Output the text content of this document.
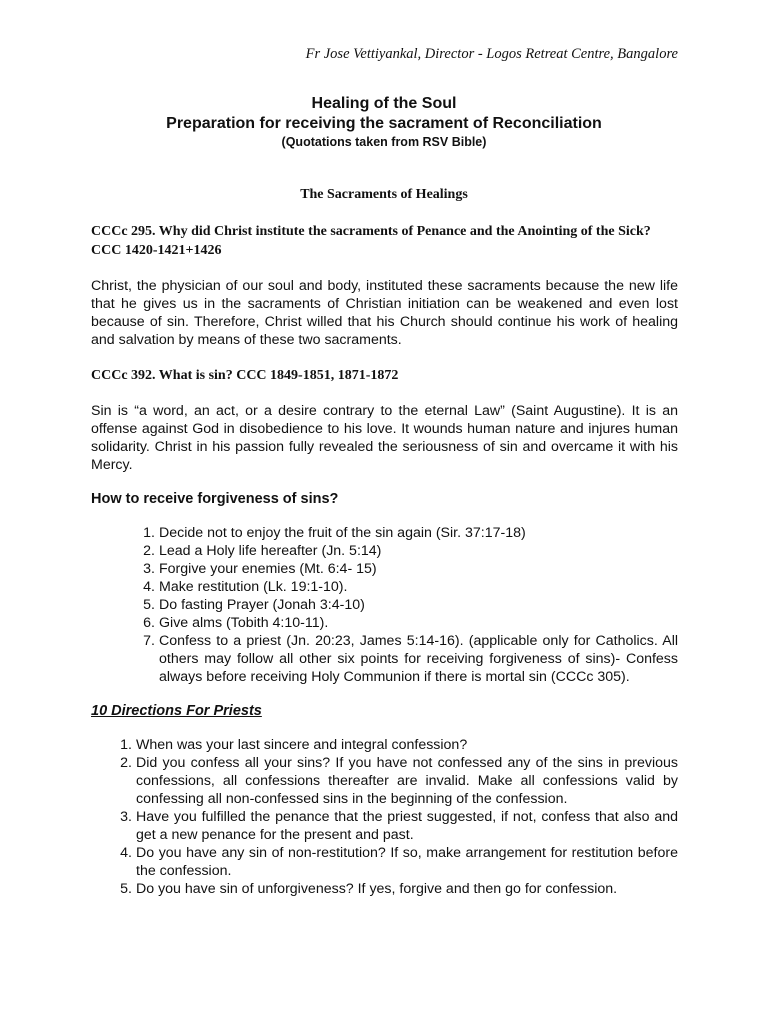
Fr Jose Vettiyankal, Director - Logos Retreat Centre, Bangalore
Healing of the Soul
Preparation for receiving the sacrament of Reconciliation
(Quotations taken from RSV Bible)
The Sacraments of Healings

CCCc 295. Why did Christ institute the sacraments of Penance and the Anointing of the Sick? CCC 1420-1421+1426

Christ, the physician of our soul and body, instituted these sacraments because the new life that he gives us in the sacraments of Christian initiation can be weakened and even lost because of sin. Therefore, Christ willed that his Church should continue his work of healing and salvation by means of these two sacraments.

CCCc 392. What is sin? CCC 1849-1851, 1871-1872

Sin is “a word, an act, or a desire contrary to the eternal Law” (Saint Augustine). It is an offense against God in disobedience to his love. It wounds human nature and injures human solidarity. Christ in his passion fully revealed the seriousness of sin and overcame it with his Mercy.

How to receive forgiveness of sins?

1. Decide not to enjoy the fruit of the sin again (Sir. 37:17-18)
2. Lead a Holy life hereafter (Jn. 5:14)
3. Forgive your enemies (Mt. 6:4- 15)
4. Make restitution (Lk. 19:1-10).
5. Do fasting Prayer (Jonah 3:4-10)
6. Give alms (Tobith 4:10-11).
7. Confess to a priest (Jn. 20:23, James 5:14-16). (applicable only for Catholics. All others may follow all other six points for receiving forgiveness of sins)- Confess always before receiving Holy Communion if there is mortal sin (CCCc 305).

10 Directions For Priests

1. When was your last sincere and integral confession?
2. Did you confess all your sins? If you have not confessed any of the sins in previous confessions, all confessions thereafter are invalid. Make all confessions valid by confessing all non-confessed sins in the beginning of the confession.
3. Have you fulfilled the penance that the priest suggested, if not, confess that also and get a new penance for the present and past.
4. Do you have any sin of non-restitution? If so, make arrangement for restitution before the confession.
5. Do you have sin of unforgiveness? If yes, forgive and then go for confession.
